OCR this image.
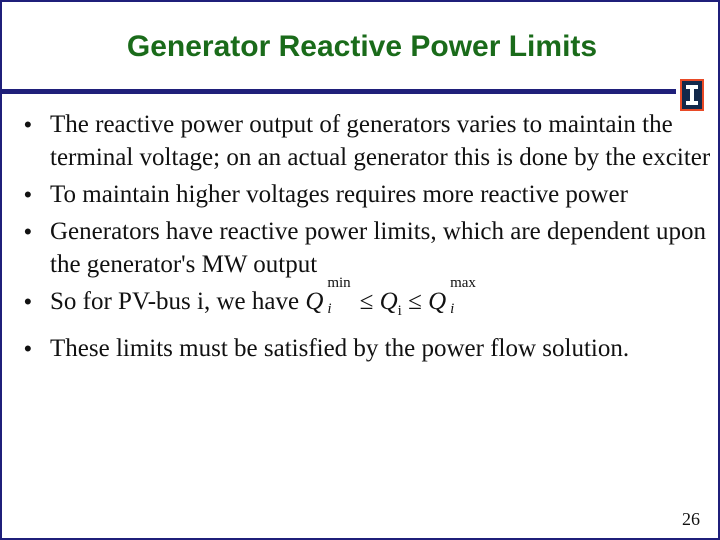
Generator Reactive Power Limits
• The reactive power output of generators varies to maintain the terminal voltage; on an actual generator this is done by the exciter
• To maintain higher voltages requires more reactive power
• Generators have reactive power limits, which are dependent upon the generator's MW output
• So for PV-bus i, we have Q
min
$i \le Q_i \le Q$
max
i
• These limits must be satisfied by the power flow solution.
26
